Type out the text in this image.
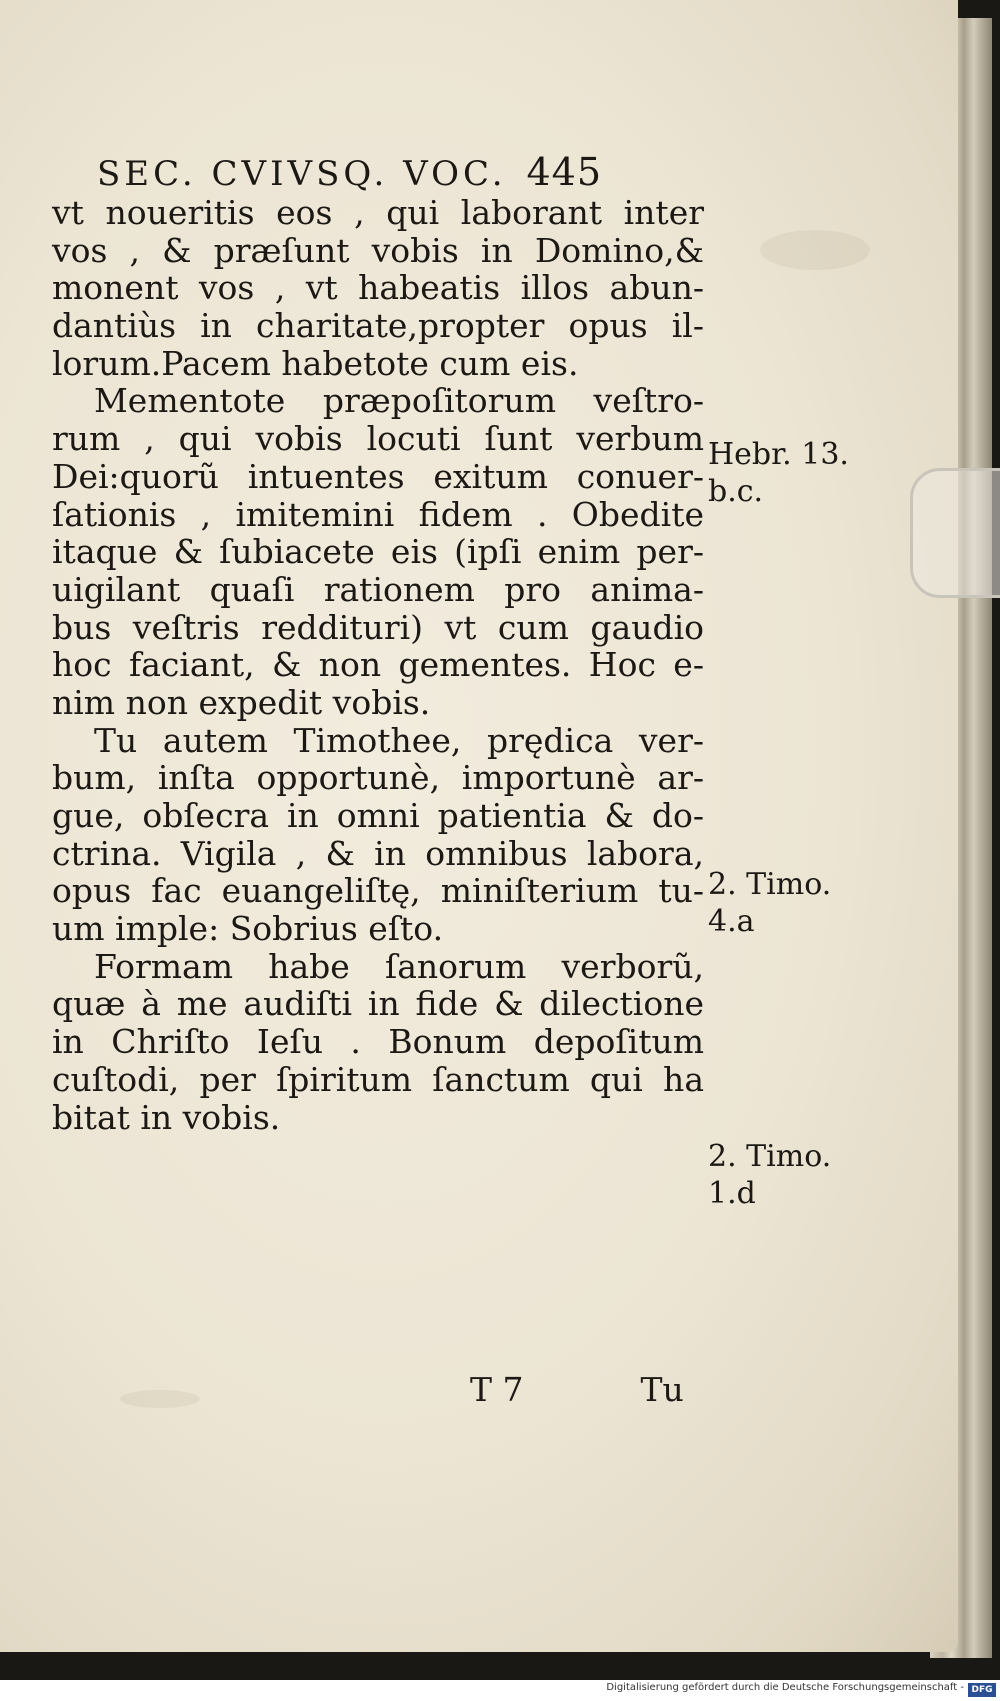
SEC. CVIVSQ. VOC. 445
vt noueritis eos , qui laborant inter
vos , & præſunt vobis in Domino,&
monent vos , vt habeatis illos abun-
dantiùs in charitate,propter opus il-
lorum.Pacem habetote cum eis.
Mementote præpoſitorum veſtro-
rum , qui vobis locuti ſunt verbum
Dei:quorũ intuentes exitum conuer-
ſationis , imitemini fidem . Obedite
itaque & ſubiacete eis (ipſi enim per-
uigilant quaſi rationem pro anima-
bus veſtris reddituri) vt cum gaudio
hoc faciant, & non gementes. Hoc e-
nim non expedit vobis.
Tu autem Timothee, prędica ver-
bum, inſta opportunè, importunè ar-
gue, obſecra in omni patientia & do-
ctrina. Vigila , & in omnibus labora,
opus fac euangeliſtę, miniſterium tu-
um imple: Sobrius eſto.
Formam habe ſanorum verborũ,
quæ à me audiſti in fide & dilectione
in Chriſto Ieſu . Bonum depoſitum
cuſtodi, per ſpiritum ſanctum qui ha
bitat in vobis.
Hebr. 13.
b.c.
2. Timo.
4.a
2. Timo.
1.d
T 7	Tu
Digitalisierung gefördert durch die Deutsche Forschungsgemeinschaft - DFG
